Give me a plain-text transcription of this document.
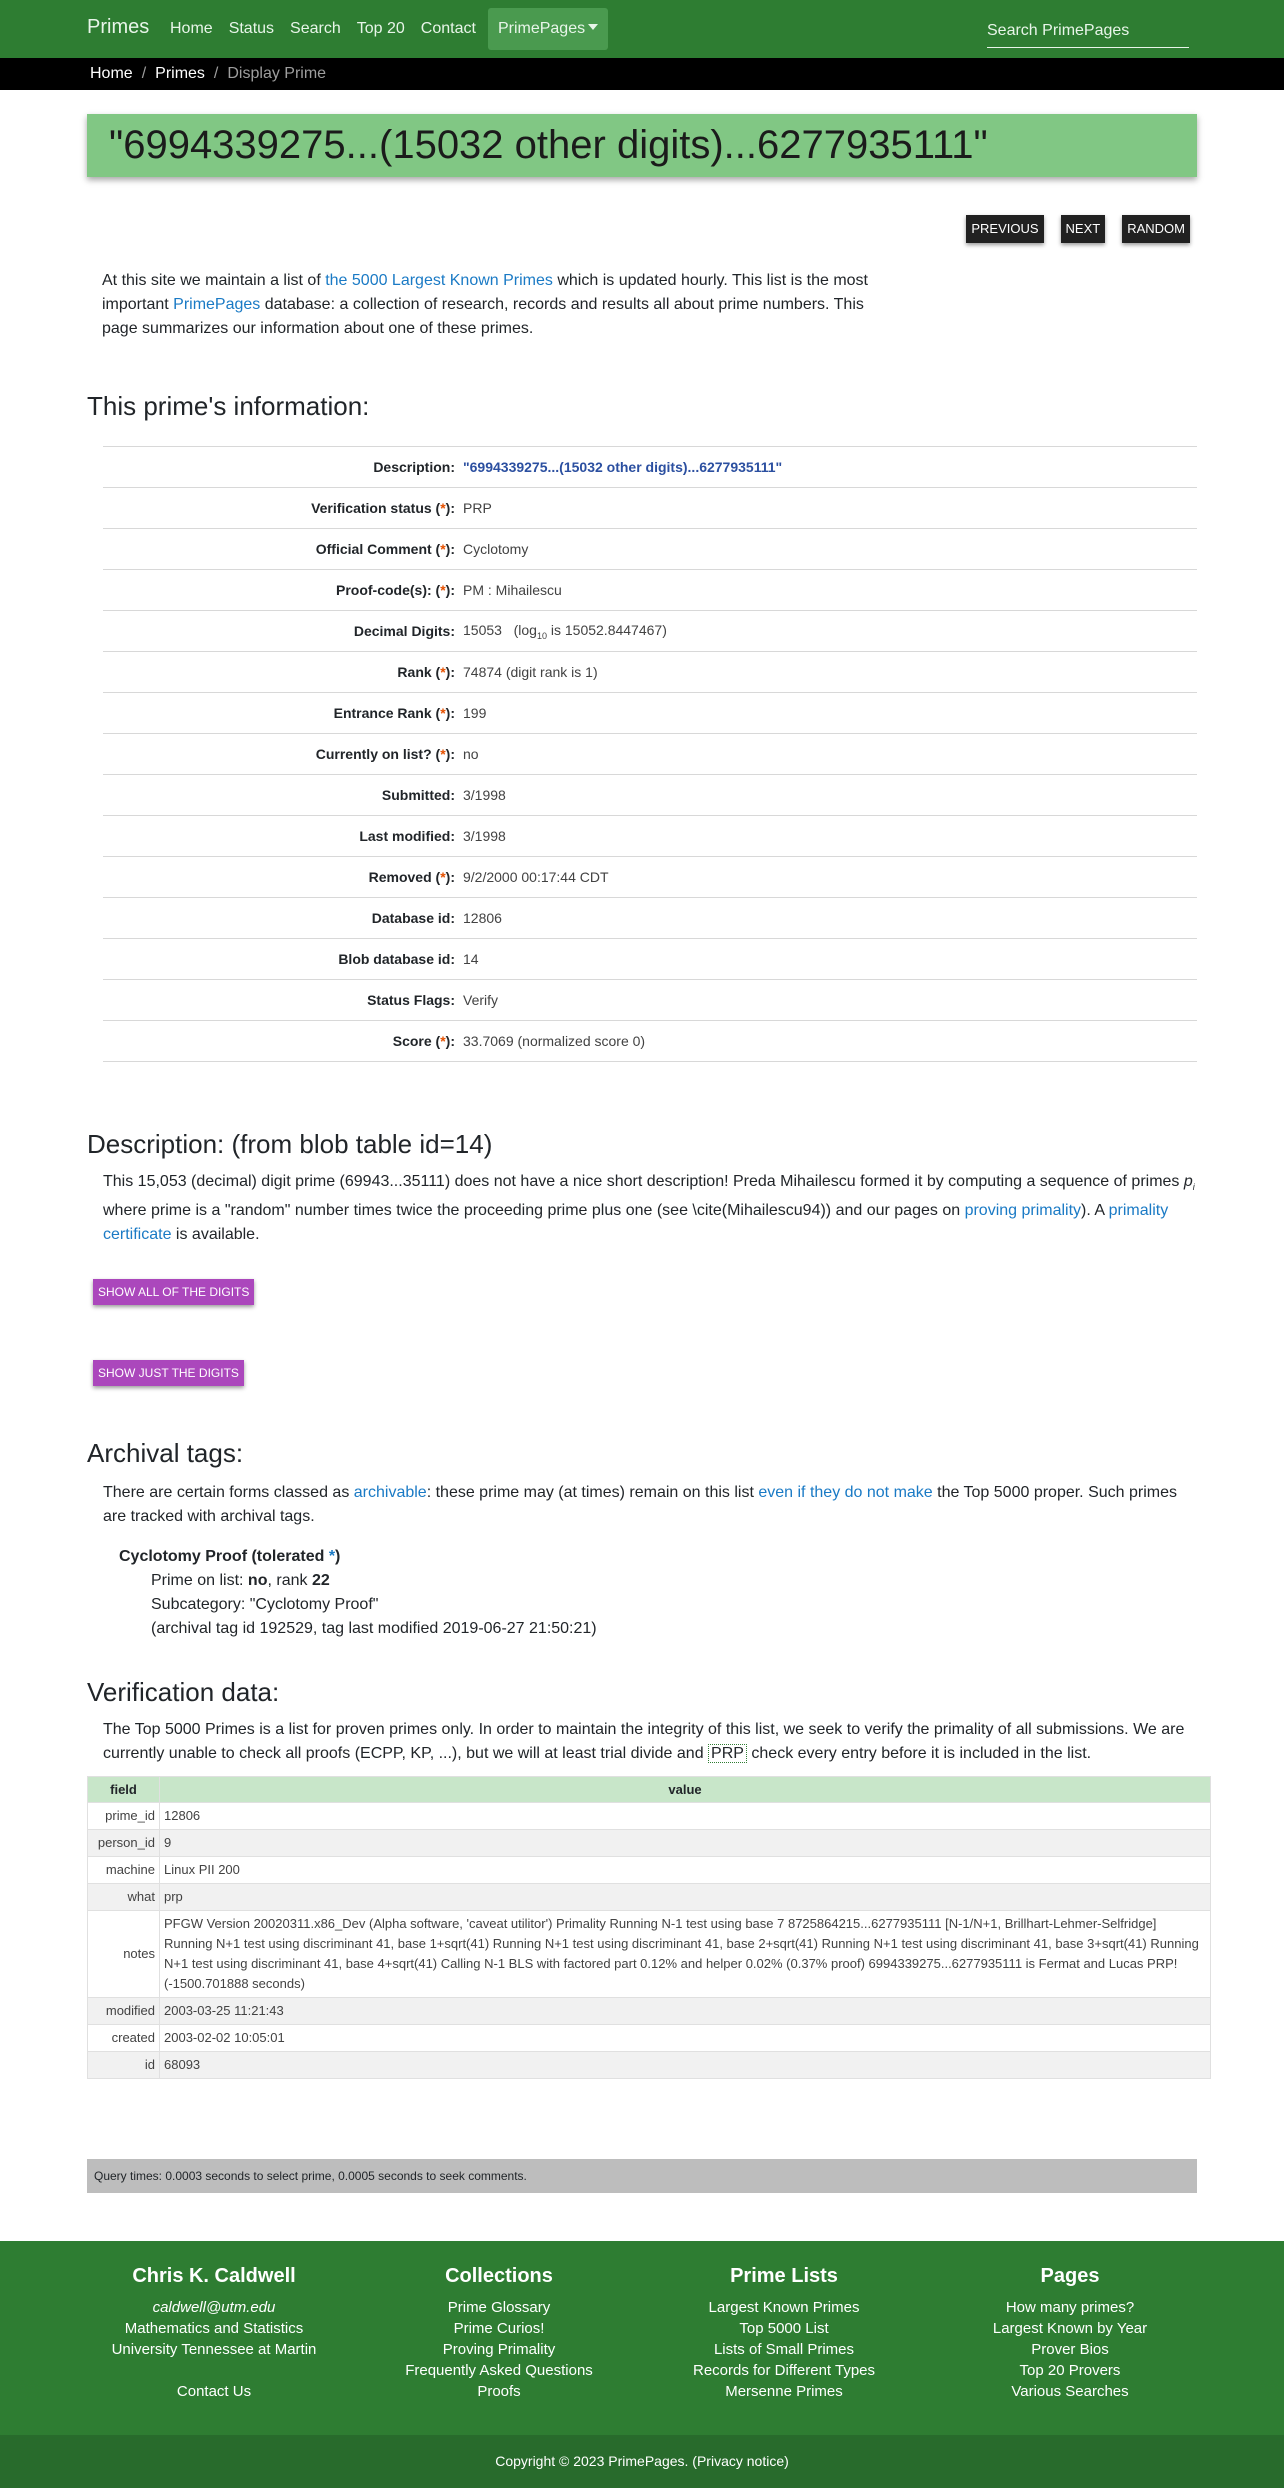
Primes	Home	Status	Search	Top 20	Contact	PrimePages
Search PrimePages
Home / Primes / Display Prime
"6994339275...(15032 other digits)...6277935111"
PREVIOUS	NEXT	RANDOM

At this site we maintain a list of the 5000 Largest Known Primes which is updated hourly. This list is the most important PrimePages database: a collection of research, records and results all about prime numbers. This page summarizes our information about one of these primes.

This prime's information:
Description: "6994339275...(15032 other digits)...6277935111"
Verification status (*): PRP
Official Comment (*): Cyclotomy
Proof-code(s): (*): PM : Mihailescu
Decimal Digits: 15053 ($\log_{10}$ is 15052.8447467)
Rank (*): 74874 (digit rank is 1)
Entrance Rank (*): 199
Currently on list? (*): no
Submitted: 3/1998
Last modified: 3/1998
Removed (*): 9/2/2000 00:17:44 CDT
Database id: 12806
Blob database id: 14
Status Flags: Verify
Score (*): 33.7069 (normalized score 0)
Description: (from blob table id=14)

This 15,053 (decimal) digit prime (69943...35111) does not have a nice short description! Preda Mihailescu formed it by computing a sequence of primes $p_i$ where prime is a "random" number times twice the proceeding prime plus one (see \cite(Mihailescu94)) and our pages on proving primality). A primality certificate is available.

SHOW ALL OF THE DIGITS
SHOW JUST THE DIGITS
Archival tags:

There are certain forms classed as archivable: these prime may (at times) remain on this list even if they do not make the Top 5000 proper. Such primes are tracked with archival tags.

Cyclotomy Proof (tolerated *)
Prime on list: no, rank 22
Subcategory: "Cyclotomy Proof"
(archival tag id 192529, tag last modified 2019-06-27 21:50:21)
Verification data:

The Top 5000 Primes is a list for proven primes only. In order to maintain the integrity of this list, we seek to verify the primality of all submissions. We are currently unable to check all proofs (ECPP, KP, ...), but we will at least trial divide and PRP check every entry before it is included in the list.

field	value
prime_id	12806
person_id	9
machine	Linux PII 200
what	prp
notes	PFGW Version 20020311.x86_Dev (Alpha software, 'caveat utilitor') Primality Running N-1 test using base 7 8725864215...6277935111 [N-1/N+1, Brillhart-Lehmer-Selfridge] Running N+1 test using discriminant 41, base 1+sqrt(41) Running N+1 test using discriminant 41, base 2+sqrt(41) Running N+1 test using discriminant 41, base 3+sqrt(41) Running N+1 test using discriminant 41, base 4+sqrt(41) Calling N-1 BLS with factored part 0.12% and helper 0.02% (0.37% proof) 6994339275...6277935111 is Fermat and Lucas PRP! (-1500.701888 seconds)
modified	2003-03-25 11:21:43
created	2003-02-02 10:05:01
id	68093
Query times: 0.0003 seconds to select prime, 0.0005 seconds to seek comments.
Chris K. Caldwell
caldwell@utm.edu
Mathematics and Statistics
University Tennessee at Martin

Contact Us
Collections
Prime Glossary
Prime Curios!
Proving Primality
Frequently Asked Questions
Proofs
Prime Lists
Largest Known Primes
Top 5000 List
Lists of Small Primes
Records for Different Types
Mersenne Primes
Pages
How many primes?
Largest Known by Year
Prover Bios
Top 20 Provers
Various Searches
Copyright © 2023 PrimePages. (Privacy notice)
